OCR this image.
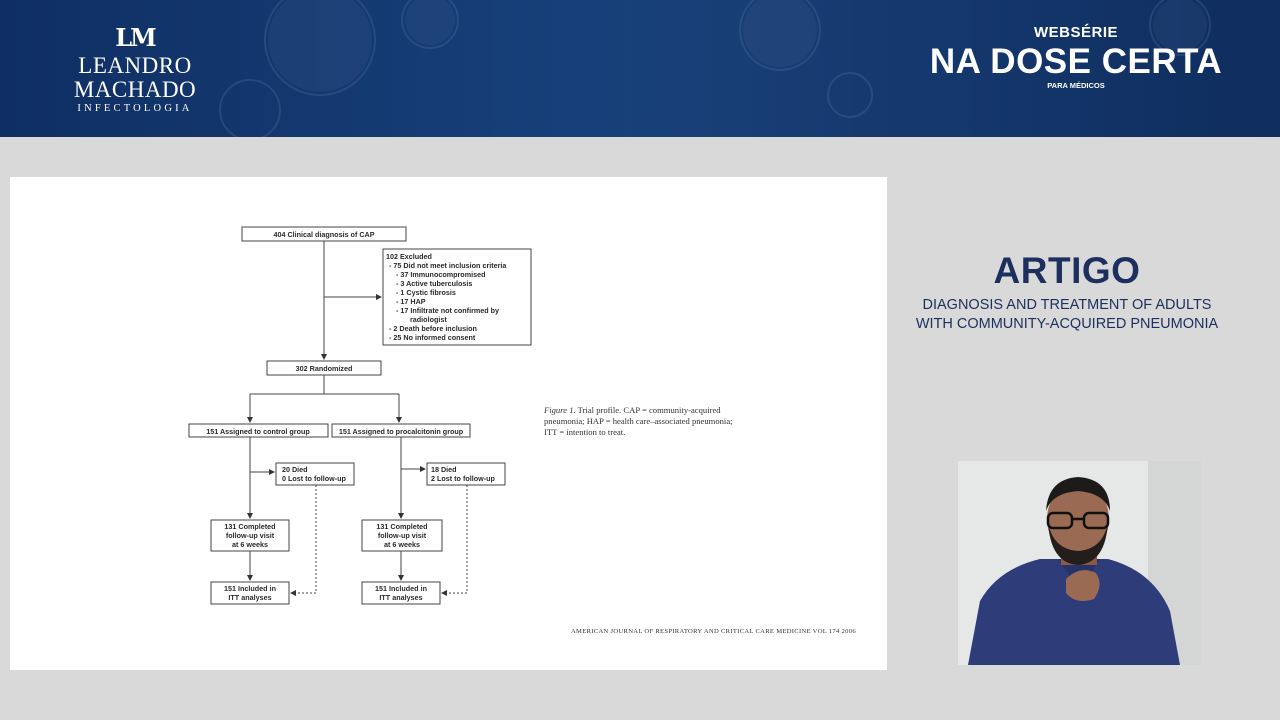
LM
LEANDRO MACHADO
INFECTOLOGIA
WEBSÉRIE
NA DOSE CERTA
PARA MÉDICOS
404 Clinical diagnosis of CAP
102 Excluded
- 75 Did not meet inclusion criteria
- 37 Immunocompromised
- 3 Active tuberculosis
- 1 Cystic fibrosis
- 17 HAP
- 17 Infiltrate not confirmed by
radiologist
- 2 Death before inclusion
- 25 No informed consent
302 Randomized
151 Assigned to control group	151 Assigned to procalcitonin group
20 Died
0 Lost to follow-up
18 Died
2 Lost to follow-up
131 Completed
follow-up visit
at 6 weeks
131 Completed
follow-up visit
at 6 weeks
151 Included in
ITT analyses
151 Included in
ITT analyses
Figure 1. Trial profile. CAP = community-acquired pneumonia; HAP = health care–associated pneumonia; ITT = intention to treat.
AMERICAN JOURNAL OF RESPIRATORY AND CRITICAL CARE MEDICINE VOL 174 2006
ARTIGO
DIAGNOSIS AND TREATMENT OF ADULTS
WITH COMMUNITY-ACQUIRED PNEUMONIA
